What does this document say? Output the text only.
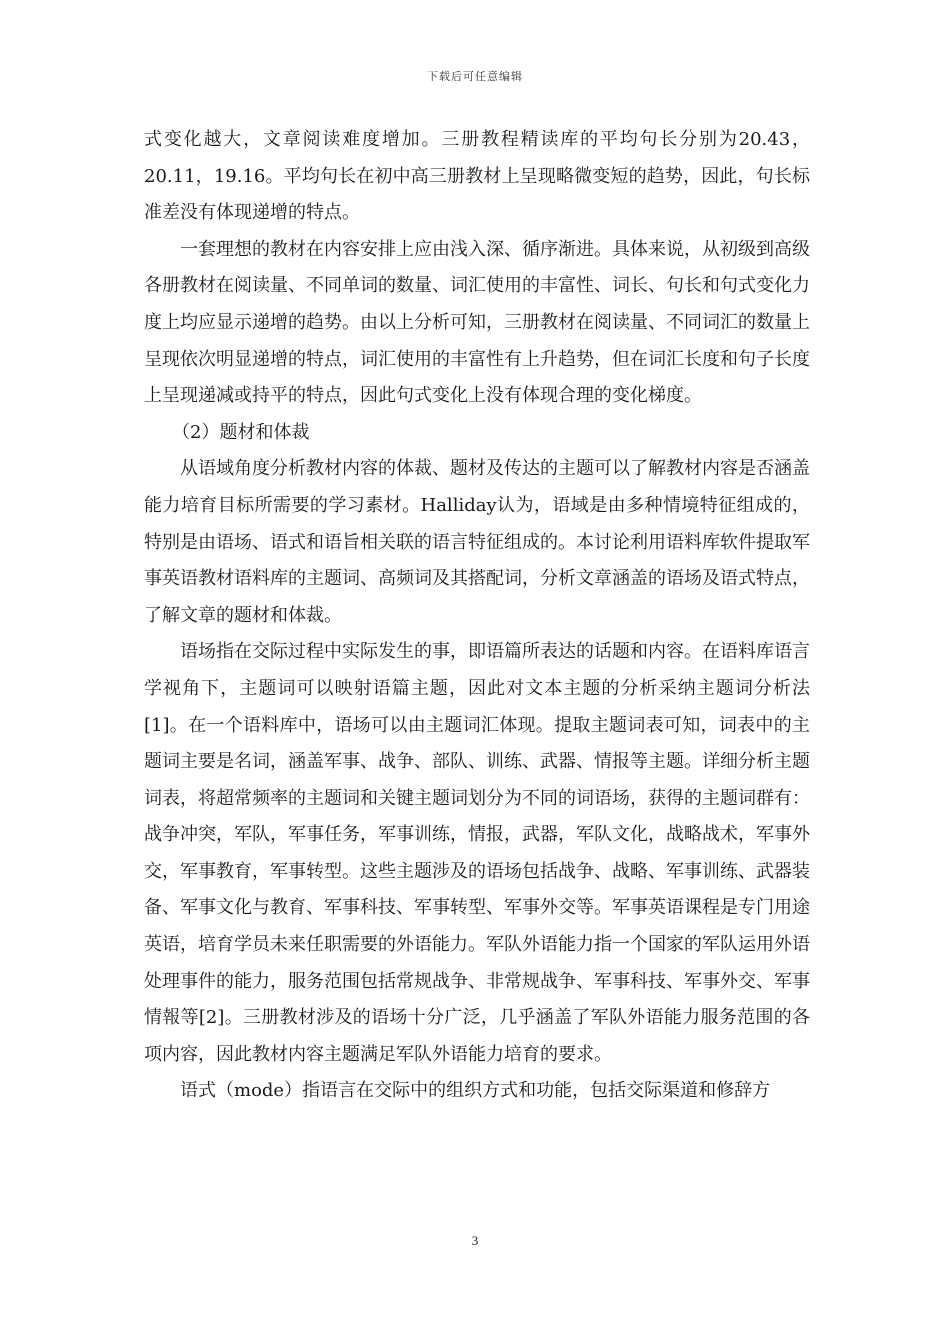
下载后可任意编辑

式变化越大，文章阅读难度增加。三册教程精读库的平均句长分别为20.43，20.11，19.16。平均句长在初中高三册教材上呈现略微变短的趋势，因此，句长标准差没有体现递增的特点。

一套理想的教材在内容安排上应由浅入深、循序渐进。具体来说，从初级到高级各册教材在阅读量、不同单词的数量、词汇使用的丰富性、词长、句长和句式变化力度上均应显示递增的趋势。由以上分析可知，三册教材在阅读量、不同词汇的数量上呈现依次明显递增的特点，词汇使用的丰富性有上升趋势，但在词汇长度和句子长度上呈现递减或持平的特点，因此句式变化上没有体现合理的变化梯度。

（2）题材和体裁

从语域角度分析教材内容的体裁、题材及传达的主题可以了解教材内容是否涵盖能力培育目标所需要的学习素材。Halliday认为，语域是由多种情境特征组成的，特别是由语场、语式和语旨相关联的语言特征组成的。本讨论利用语料库软件提取军事英语教材语料库的主题词、高频词及其搭配词，分析文章涵盖的语场及语式特点，了解文章的题材和体裁。

语场指在交际过程中实际发生的事，即语篇所表达的话题和内容。在语料库语言学视角下，主题词可以映射语篇主题，因此对文本主题的分析采纳主题词分析法[1]。在一个语料库中，语场可以由主题词汇体现。提取主题词表可知，词表中的主题词主要是名词，涵盖军事、战争、部队、训练、武器、情报等主题。详细分析主题词表，将超常频率的主题词和关键主题词划分为不同的词语场，获得的主题词群有：战争冲突，军队，军事任务，军事训练，情报，武器，军队文化，战略战术，军事外交，军事教育，军事转型。这些主题涉及的语场包括战争、战略、军事训练、武器装备、军事文化与教育、军事科技、军事转型、军事外交等。军事英语课程是专门用途英语，培育学员未来任职需要的外语能力。军队外语能力指一个国家的军队运用外语处理事件的能力，服务范围包括常规战争、非常规战争、军事科技、军事外交、军事情報等[2]。三册教材涉及的语场十分广泛，几乎涵盖了军队外语能力服务范围的各项内容，因此教材内容主题满足军队外语能力培育的要求。

语式（mode）指语言在交际中的组织方式和功能，包括交际渠道和修辞方

3
